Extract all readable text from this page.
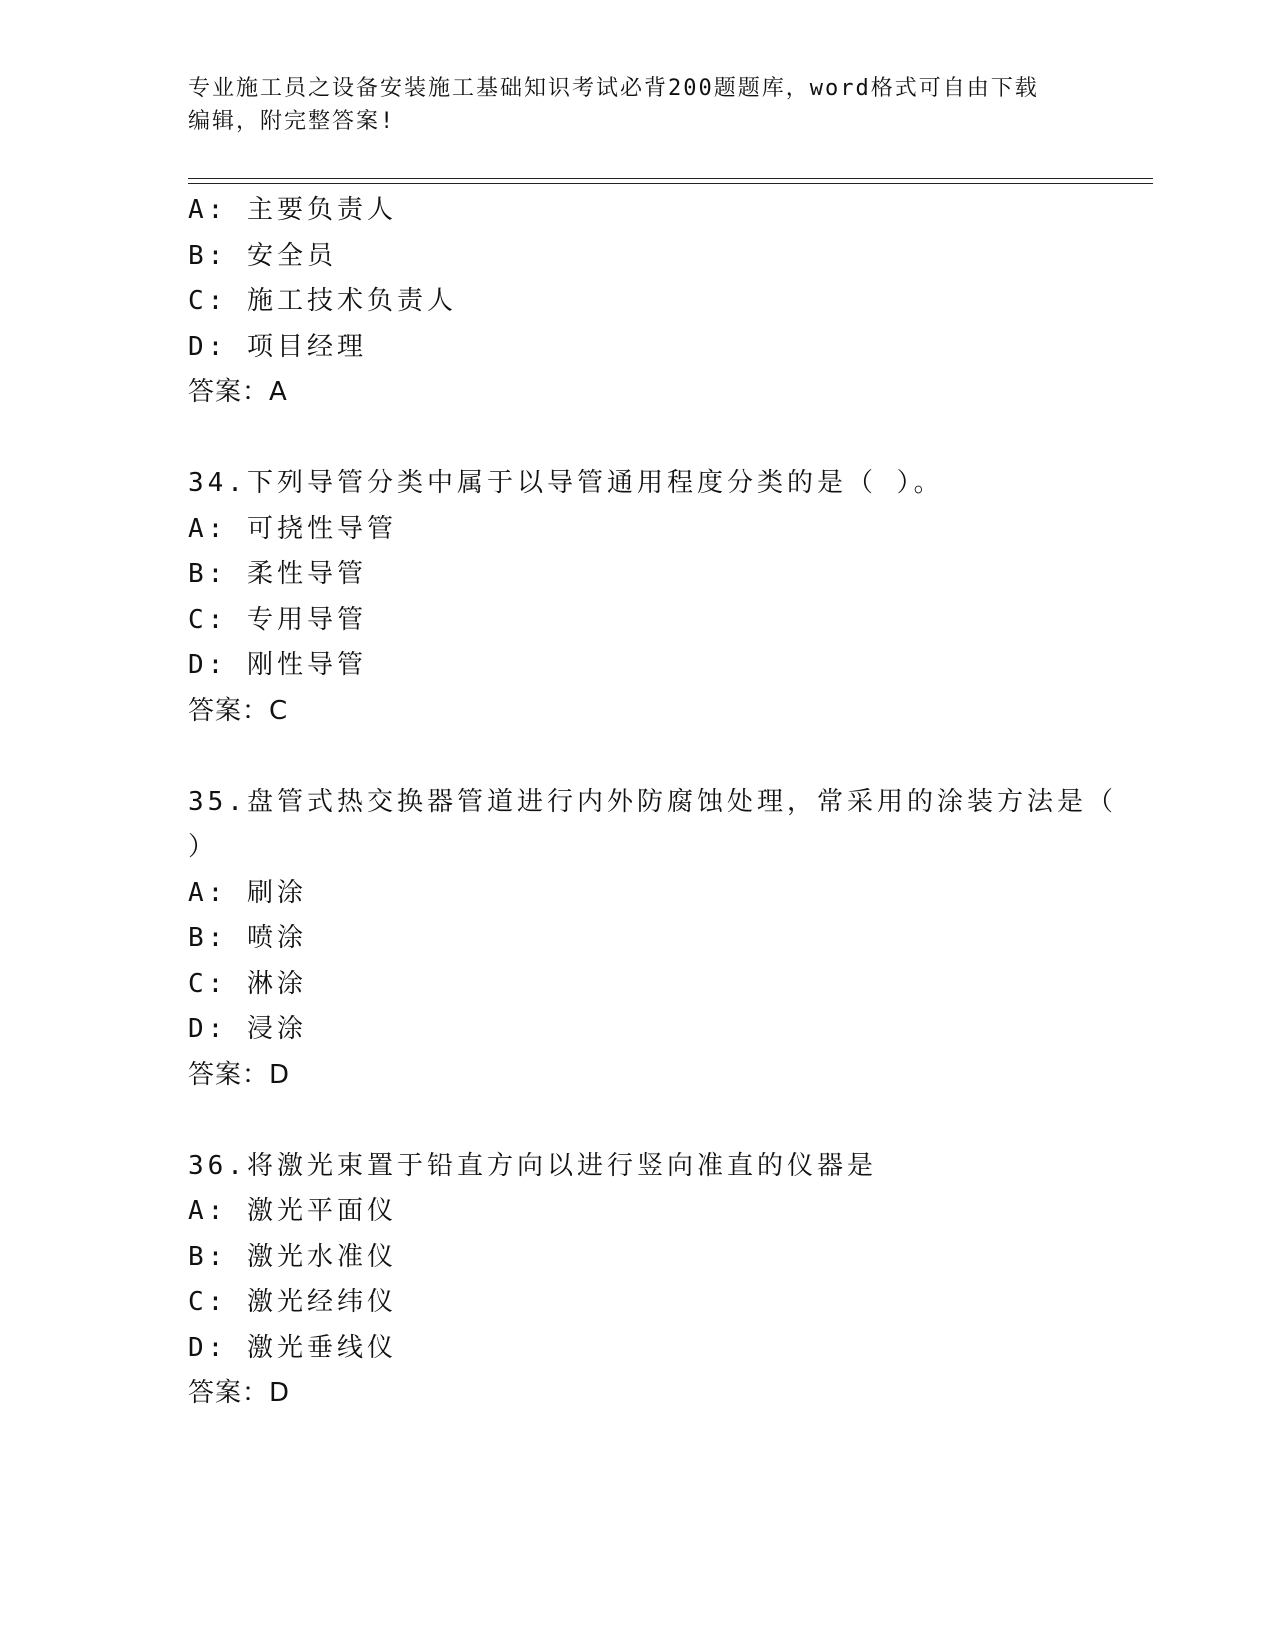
专业施工员之设备安装施工基础知识考试必背200题题库，word格式可自由下载
编辑，附完整答案!
A: 主要负责人
B: 安全员
C: 施工技术负责人
D: 项目经理
答案：A
34.下列导管分类中属于以导管通用程度分类的是（ ）。
A: 可挠性导管
B: 柔性导管
C: 专用导管
D: 刚性导管
答案：C
35.盘管式热交换器管道进行内外防腐蚀处理，常采用的涂装方法是（
）
A: 刷涂
B: 喷涂
C: 淋涂
D: 浸涂
答案：D
36.将激光束置于铅直方向以进行竖向准直的仪器是
A: 激光平面仪
B: 激光水准仪
C: 激光经纬仪
D: 激光垂线仪
答案：D
